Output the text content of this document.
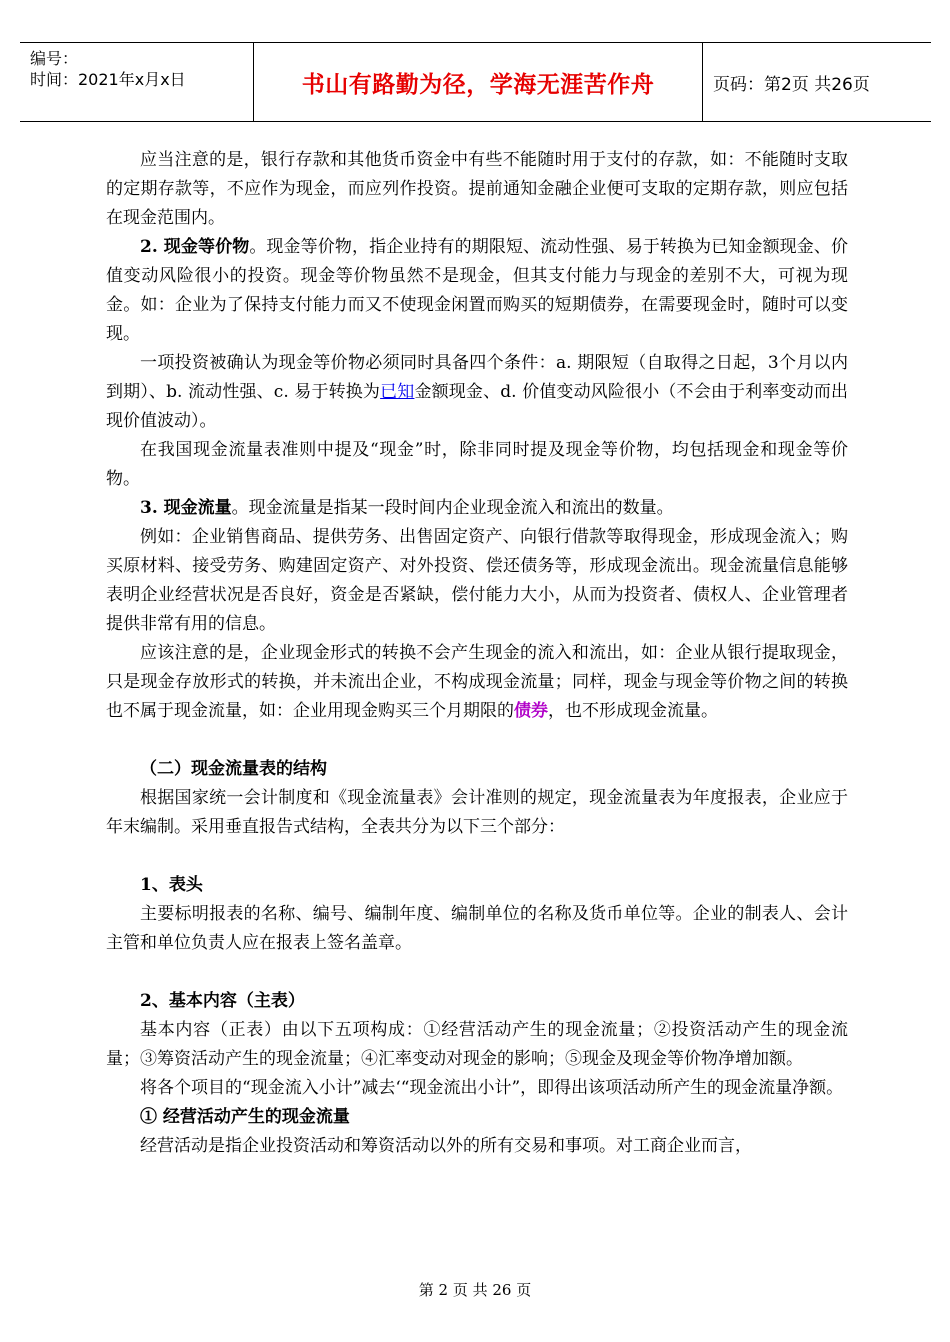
编号：
时间：2021年x月x日	书山有路勤为径，学海无涯苦作舟	页码：第2页 共26页

应当注意的是，银行存款和其他货币资金中有些不能随时用于支付的存款，如：不能随时支取的定期存款等，不应作为现金，而应列作投资。提前通知金融企业便可支取的定期存款，则应包括在现金范围内。

2. 现金等价物。现金等价物，指企业持有的期限短、流动性强、易于转换为已知金额现金、价值变动风险很小的投资。现金等价物虽然不是现金，但其支付能力与现金的差别不大，可视为现金。如：企业为了保持支付能力而又不使现金闲置而购买的短期债券，在需要现金时，随时可以变现。

一项投资被确认为现金等价物必须同时具备四个条件：a. 期限短（自取得之日起，3个月以内到期）、b. 流动性强、c. 易于转换为已知金额现金、d. 价值变动风险很小（不会由于利率变动而出现价值波动）。

在我国现金流量表准则中提及“现金”时，除非同时提及现金等价物，均包括现金和现金等价物。

3. 现金流量。现金流量是指某一段时间内企业现金流入和流出的数量。

例如：企业销售商品、提供劳务、出售固定资产、向银行借款等取得现金，形成现金流入；购买原材料、接受劳务、购建固定资产、对外投资、偿还债务等，形成现金流出。现金流量信息能够表明企业经营状况是否良好，资金是否紧缺，偿付能力大小，从而为投资者、债权人、企业管理者提供非常有用的信息。

应该注意的是，企业现金形式的转换不会产生现金的流入和流出，如：企业从银行提取现金，只是现金存放形式的转换，并未流出企业，不构成现金流量；同样，现金与现金等价物之间的转换也不属于现金流量，如：企业用现金购买三个月期限的债券，也不形成现金流量。

（二）现金流量表的结构

根据国家统一会计制度和《现金流量表》会计准则的规定，现金流量表为年度报表，企业应于年末编制。采用垂直报告式结构，全表共分为以下三个部分：

1、表头

主要标明报表的名称、编号、编制年度、编制单位的名称及货币单位等。企业的制表人、会计主管和单位负责人应在报表上签名盖章。

2、基本内容（主表）

基本内容（正表）由以下五项构成：①经营活动产生的现金流量；②投资活动产生的现金流量；③筹资活动产生的现金流量；④汇率变动对现金的影响；⑤现金及现金等价物净增加额。

将各个项目的“现金流入小计”减去‘“现金流出小计”，即得出该项活动所产生的现金流量净额。

① 经营活动产生的现金流量

经营活动是指企业投资活动和筹资活动以外的所有交易和事项。对工商企业而言，

第 2 页 共 26 页
